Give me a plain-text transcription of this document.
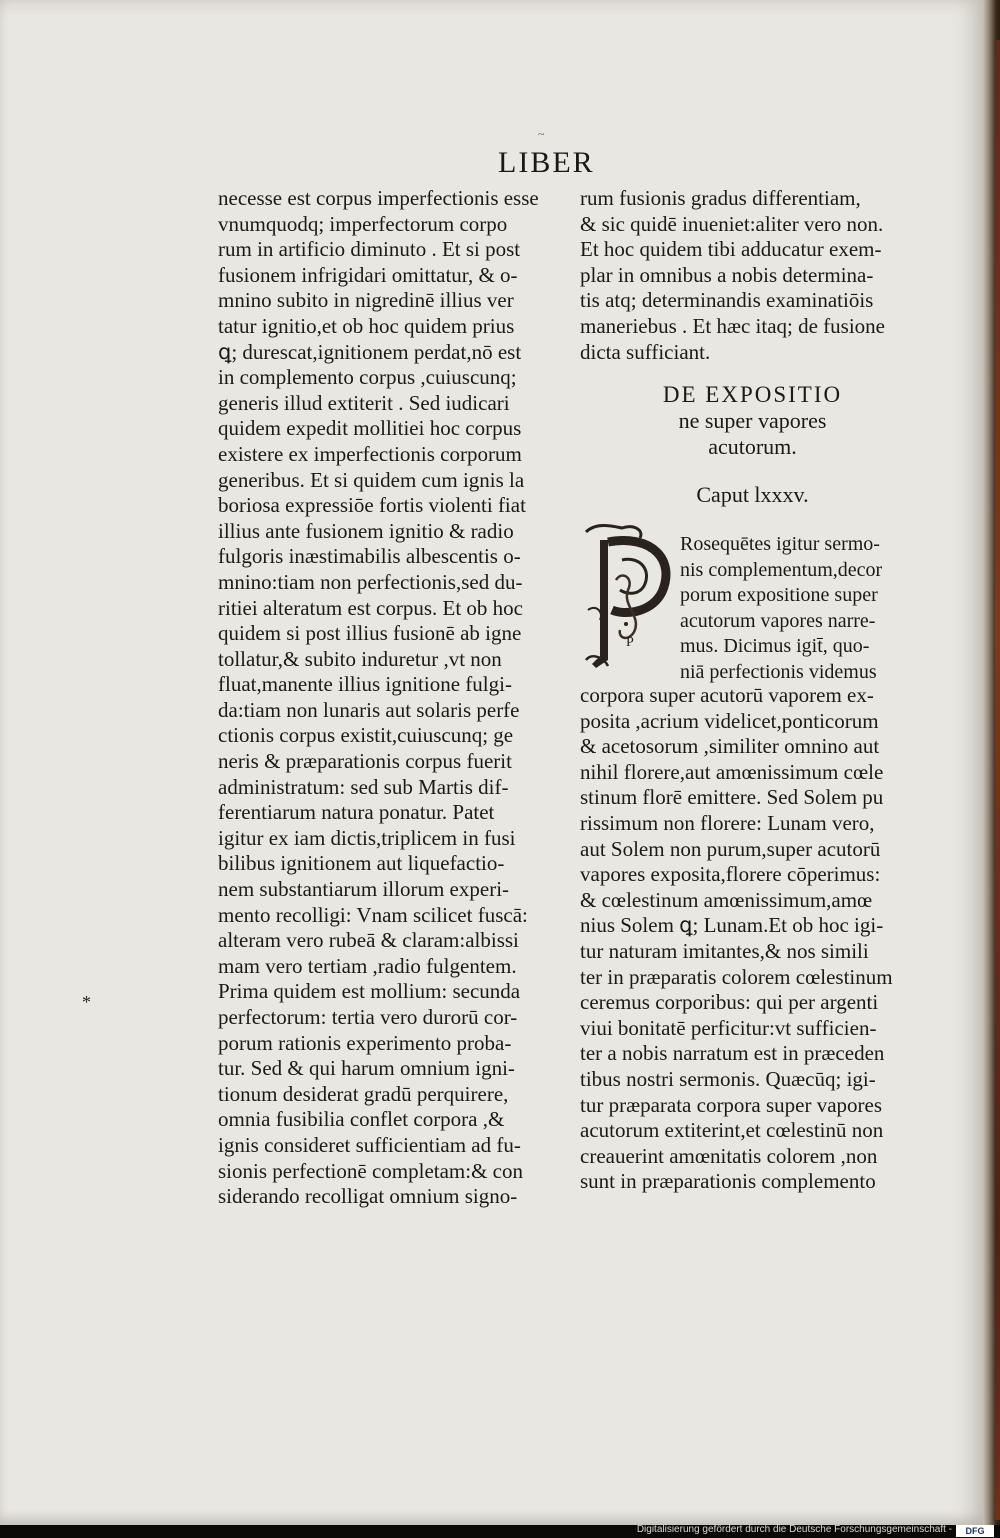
~
LIBER
necesse est corpus imperfectionis esse
vnumquodq; imperfectorum corpo
rum in artificio diminuto . Et si post
fusionem infrigidari omittatur, & o-
mnino subito in nigredinē illius ver
tatur ignitio,et ob hoc quidem prius
ꝗ; durescat,ignitionem perdat,nō est
in complemento corpus ,cuiuscunq;
generis illud extiterit . Sed iudicari
quidem expedit mollitiei hoc corpus
existere ex imperfectionis corporum
generibus. Et si quidem cum ignis la
boriosa expressiōe fortis violenti fiat
illius ante fusionem ignitio & radio
fulgoris inæstimabilis albescentis o-
mnino:tiam non perfectionis,sed du-
ritiei alteratum est corpus. Et ob hoc
quidem si post illius fusionē ab igne
tollatur,& subito induretur ,vt non
fluat,manente illius ignitione fulgi-
da:tiam non lunaris aut solaris perfe
ctionis corpus existit,cuiuscunq; ge
neris & præparationis corpus fuerit
administratum: sed sub Martis dif-
ferentiarum natura ponatur. Patet
igitur ex iam dictis,triplicem in fusi
bilibus ignitionem aut liquefactio-
nem substantiarum illorum experi-
mento recolligi: Vnam scilicet fuscā:
alteram vero rubeā & claram:albissi
mam vero tertiam ,radio fulgentem.
Prima quidem est mollium: secunda
perfectorum: tertia vero durorū cor-
porum rationis experimento proba-
tur. Sed & qui harum omnium igni-
tionum desiderat gradū perquirere,
omnia fusibilia conflet corpora ,&
ignis consideret sufficientiam ad fu-
sionis perfectionē completam:& con
siderando recolligat omnium signo-
rum fusionis gradus differentiam,
& sic quidē inueniet:aliter vero non.
Et hoc quidem tibi adducatur exem-
plar in omnibus a nobis determina-
tis atq; determinandis examinatiōis
maneriebus . Et hæc itaq; de fusione
dicta sufficiant.
DE EXPOSITIO
ne super vapores
acutorum.
Caput lxxxv.
P
Rosequētes igitur sermo-
nis complementum,decor
porum expositione super
acutorum vapores narre-
mus. Dicimus igit̄, quo-
niā perfectionis videmus
corpora super acutorū vaporem ex-
posita ,acrium videlicet,ponticorum
& acetosorum ,similiter omnino aut
nihil florere,aut amœnissimum cœle
stinum florē emittere. Sed Solem pu
rissimum non florere: Lunam vero,
aut Solem non purum,super acutorū
vapores exposita,florere cōperimus:
& cœlestinum amœnissimum,amœ
nius Solem ꝗ; Lunam.Et ob hoc igi-
tur naturam imitantes,& nos simili
ter in præparatis colorem cœlestinum
ceremus corporibus: qui per argenti
viui bonitatē perficitur:vt sufficien-
ter a nobis narratum est in præceden
tibus nostri sermonis. Quæcūq; igi-
tur præparata corpora super vapores
acutorum extiterint,et cœlestinū non
creauerint amœnitatis colorem ,non
sunt in præparationis complemento
*
Digitalisierung gefördert durch die Deutsche Forschungsgemeinschaft -	DFG
